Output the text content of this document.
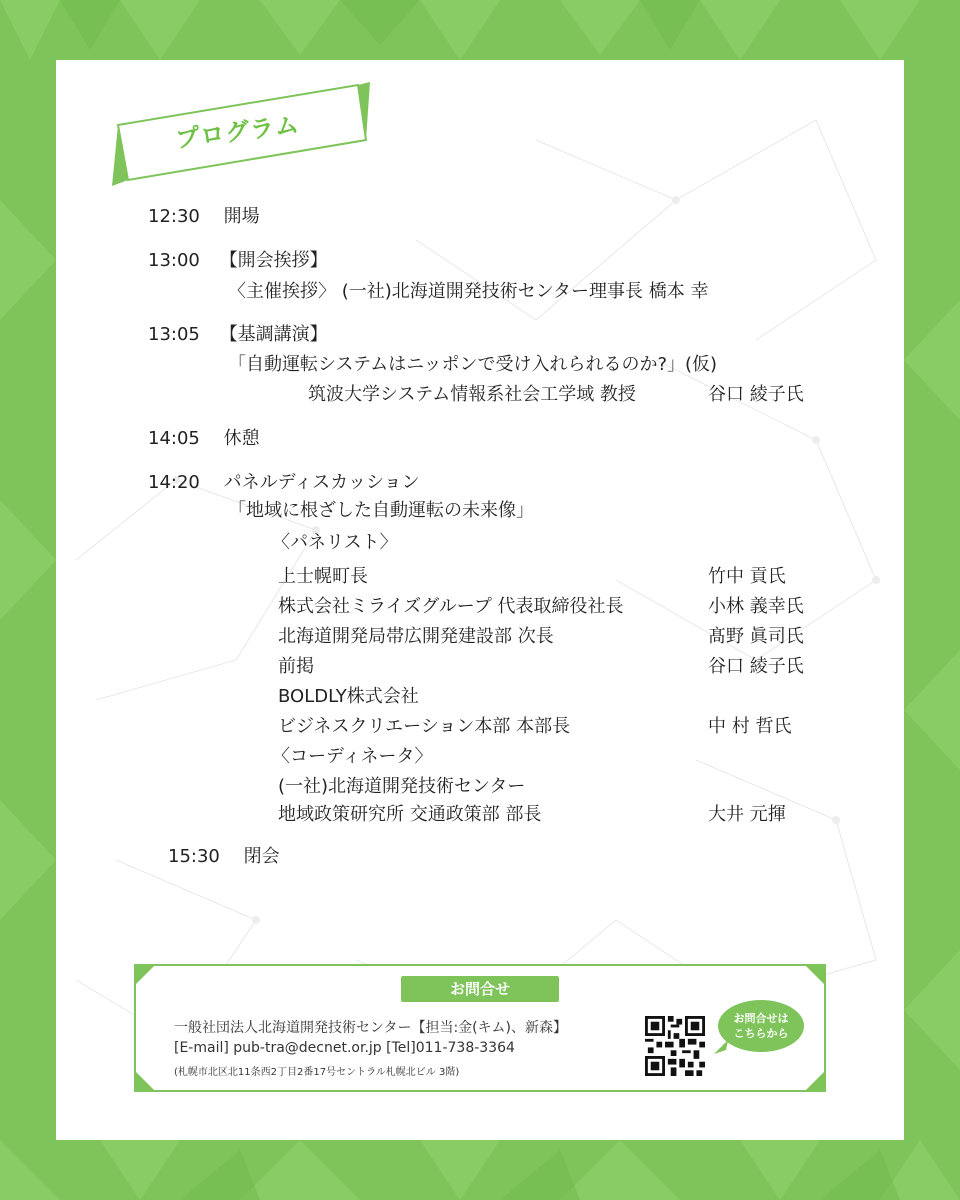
プログラム
12:30 開場
13:00 【開会挨拶】
〈主催挨拶〉 (一社)北海道開発技術センター理事長 橋本 幸
13:05 【基調講演】
「自動運転システムはニッポンで受け入れられるのか?」(仮)
筑波大学システム情報系社会工学域 教授	谷口 綾子氏
14:05 休憩
14:20 パネルディスカッション
「地域に根ざした自動運転の未来像」
〈パネリスト〉
上士幌町長	竹中 貢氏
株式会社ミライズグループ 代表取締役社長	小林 義幸氏
北海道開発局帯広開発建設部 次長	髙野 眞司氏
前掲	谷口 綾子氏
BOLDLY株式会社
ビジネスクリエーション本部 本部長	中 村 哲氏
〈コーディネータ〉
(一社)北海道開発技術センター
地域政策研究所 交通政策部 部長	大井 元揮
15:30 閉会
お問合せ
一般社団法人北海道開発技術センター【担当:金(キム)、新森】
[E-mail] pub-tra@decnet.or.jp [Tel]011-738-3364
(札幌市北区北11条西2丁目2番17号セントラル札幌北ビル 3階)
お問合せは
こちらから
